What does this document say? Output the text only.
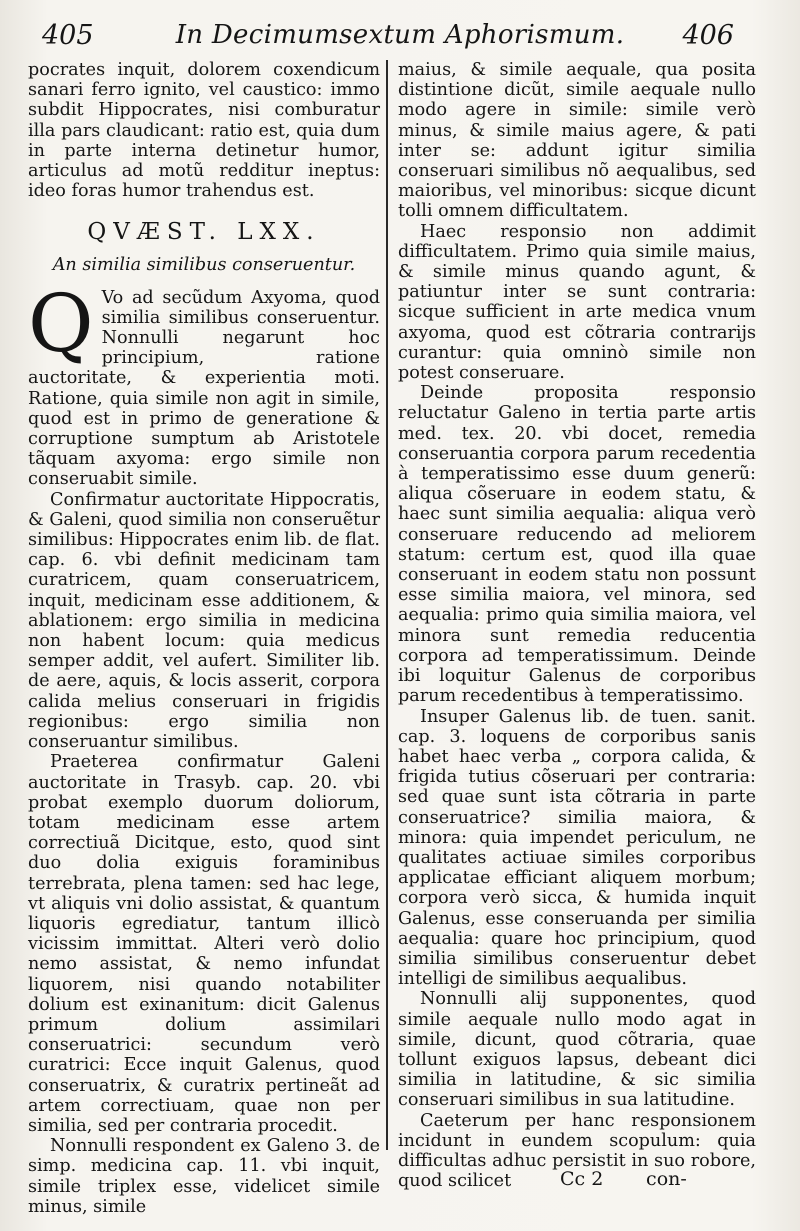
405	In Decimumsextum Aphorismum.	406

pocrates inquit, dolorem coxendicum sanari ferro ignito, vel caustico: immo subdit Hippocrates, nisi comburatur illa pars claudicant: ratio est, quia dum in parte interna detinetur humor, articulus ad motũ redditur ineptus: ideo foras humor trahendus est.

QVÆST. LXX.
An similia similibus conseruentur.

Q Vo ad secũdum Axyoma, quod similia similibus conseruentur. Nonnulli negarunt hoc principium, ratione auctoritate, & experientia moti. Ratione, quia simile non agit in simile, quod est in primo de generatione & corruptione sumptum ab Aristotele tãquam axyoma: ergo simile non conseruabit simile.

Confirmatur auctoritate Hippocratis, & Galeni, quod similia non conseruẽtur similibus: Hippocrates enim lib. de flat. cap. 6. vbi definit medicinam tam curatricem, quam conseruatricem, inquit, medicinam esse additionem, & ablationem: ergo similia in medicina non habent locum: quia medicus semper addit, vel aufert. Similiter lib. de aere, aquis, & locis asserit, corpora calida melius conseruari in frigidis regionibus: ergo similia non conseruantur similibus.

Praeterea confirmatur Galeni auctoritate in Trasyb. cap. 20. vbi probat exemplo duorum doliorum, totam medicinam esse artem correctiuã Dicitque, esto, quod sint duo dolia exiguis foraminibus terrebrata, plena tamen: sed hac lege, vt aliquis vni dolio assistat, & quantum liquoris egrediatur, tantum illicò vicissim immittat. Alteri verò dolio nemo assistat, & nemo infundat liquorem, nisi quando notabiliter dolium est exinanitum: dicit Galenus primum dolium assimilari conseruatrici: secundum verò curatrici: Ecce inquit Galenus, quod conseruatrix, & curatrix pertineãt ad artem correctiuam, quae non per similia, sed per contraria procedit.

Nonnulli respondent ex Galeno 3. de simp. medicina cap. 11. vbi inquit, simile triplex esse, videlicet simile minus, simile

maius, & simile aequale, qua posita distintione dicũt, simile aequale nullo modo agere in simile: simile verò minus, & simile maius agere, & pati inter se: addunt igitur similia conseruari similibus nõ aequalibus, sed maioribus, vel minoribus: sicque dicunt tolli omnem difficultatem.

Haec responsio non addimit difficultatem. Primo quia simile maius, & simile minus quando agunt, & patiuntur inter se sunt contraria: sicque sufficient in arte medica vnum axyoma, quod est cõtraria contrarijs curantur: quia omninò simile non potest conseruare.

Deinde proposita responsio reluctatur Galeno in tertia parte artis med. tex. 20. vbi docet, remedia conseruantia corpora parum recedentia à temperatissimo esse duum generũ: aliqua cõseruare in eodem statu, & haec sunt similia aequalia: aliqua verò conseruare reducendo ad meliorem statum: certum est, quod illa quae conseruant in eodem statu non possunt esse similia maiora, vel minora, sed aequalia: primo quia similia maiora, vel minora sunt remedia reducentia corpora ad temperatissimum. Deinde ibi loquitur Galenus de corporibus parum recedentibus à temperatissimo.

Insuper Galenus lib. de tuen. sanit. cap. 3. loquens de corporibus sanis habet haec verba „ corpora calida, & frigida tutius cõseruari per contraria: sed quae sunt ista cõtraria in parte conseruatrice? similia maiora, & minora: quia impendet periculum, ne qualitates actiuae similes corporibus applicatae efficiant aliquem morbum; corpora verò sicca, & humida inquit Galenus, esse conseruanda per similia aequalia: quare hoc principium, quod similia similibus conseruentur debet intelligi de similibus aequalibus.

Nonnulli alij supponentes, quod simile aequale nullo modo agat in simile, dicunt, quod cõtraria, quae tollunt exiguos lapsus, debeant dici similia in latitudine, & sic similia conseruari similibus in sua latitudine.

Caeterum per hanc responsionem incidunt in eundem scopulum: quia difficultas adhuc persistit in suo robore, quod scilicet	Cc 2 con-
